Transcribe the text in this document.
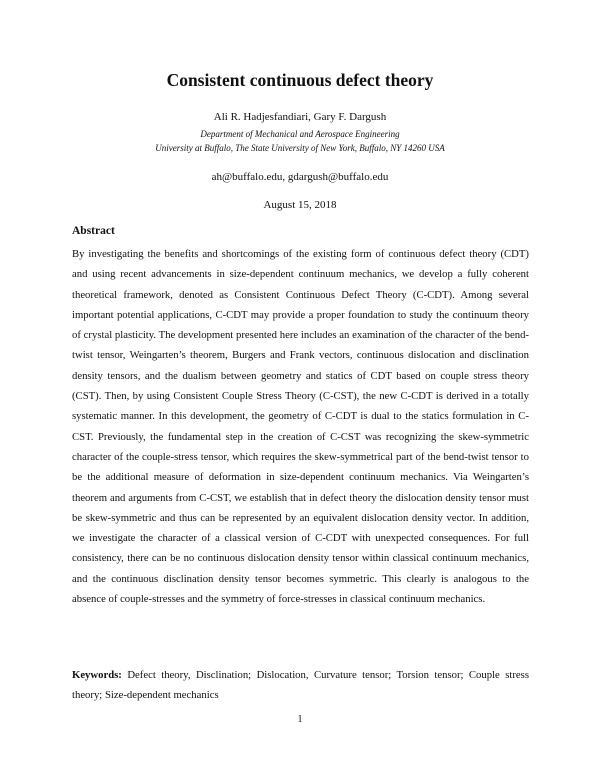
Consistent continuous defect theory
Ali R. Hadjesfandiari, Gary F. Dargush
Department of Mechanical and Aerospace Engineering
University at Buffalo, The State University of New York, Buffalo, NY 14260 USA
ah@buffalo.edu, gdargush@buffalo.edu
August 15, 2018
Abstract

By investigating the benefits and shortcomings of the existing form of continuous defect theory (CDT) and using recent advancements in size-dependent continuum mechanics, we develop a fully coherent theoretical framework, denoted as Consistent Continuous Defect Theory (C-CDT). Among several important potential applications, C-CDT may provide a proper foundation to study the continuum theory of crystal plasticity. The development presented here includes an examination of the character of the bend-twist tensor, Weingarten’s theorem, Burgers and Frank vectors, continuous dislocation and disclination density tensors, and the dualism between geometry and statics of CDT based on couple stress theory (CST). Then, by using Consistent Couple Stress Theory (C-CST), the new C-CDT is derived in a totally systematic manner. In this development, the geometry of C-CDT is dual to the statics formulation in C-CST. Previously, the fundamental step in the creation of C-CST was recognizing the skew-symmetric character of the couple-stress tensor, which requires the skew-symmetrical part of the bend-twist tensor to be the additional measure of deformation in size-dependent continuum mechanics. Via Weingarten’s theorem and arguments from C-CST, we establish that in defect theory the dislocation density tensor must be skew-symmetric and thus can be represented by an equivalent dislocation density vector. In addition, we investigate the character of a classical version of C-CDT with unexpected consequences. For full consistency, there can be no continuous dislocation density tensor within classical continuum mechanics, and the continuous disclination density tensor becomes symmetric. This clearly is analogous to the absence of couple-stresses and the symmetry of force-stresses in classical continuum mechanics.

Keywords: Defect theory, Disclination; Dislocation, Curvature tensor; Torsion tensor; Couple stress theory; Size-dependent mechanics

1
